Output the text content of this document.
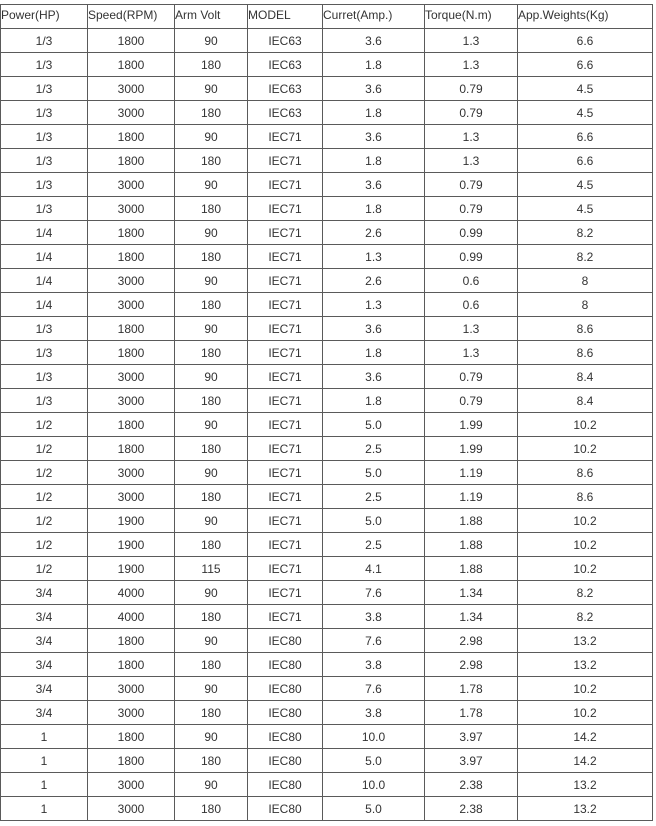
Power(HP)	Speed(RPM)	Arm Volt	MODEL	Curret(Amp.)	Torque(N.m)	App.Weights(Kg)
1/3	1800	90	IEC63	3.6	1.3	6.6
1/3	1800	180	IEC63	1.8	1.3	6.6
1/3	3000	90	IEC63	3.6	0.79	4.5
1/3	3000	180	IEC63	1.8	0.79	4.5
1/3	1800	90	IEC71	3.6	1.3	6.6
1/3	1800	180	IEC71	1.8	1.3	6.6
1/3	3000	90	IEC71	3.6	0.79	4.5
1/3	3000	180	IEC71	1.8	0.79	4.5
1/4	1800	90	IEC71	2.6	0.99	8.2
1/4	1800	180	IEC71	1.3	0.99	8.2
1/4	3000	90	IEC71	2.6	0.6	8
1/4	3000	180	IEC71	1.3	0.6	8
1/3	1800	90	IEC71	3.6	1.3	8.6
1/3	1800	180	IEC71	1.8	1.3	8.6
1/3	3000	90	IEC71	3.6	0.79	8.4
1/3	3000	180	IEC71	1.8	0.79	8.4
1/2	1800	90	IEC71	5.0	1.99	10.2
1/2	1800	180	IEC71	2.5	1.99	10.2
1/2	3000	90	IEC71	5.0	1.19	8.6
1/2	3000	180	IEC71	2.5	1.19	8.6
1/2	1900	90	IEC71	5.0	1.88	10.2
1/2	1900	180	IEC71	2.5	1.88	10.2
1/2	1900	115	IEC71	4.1	1.88	10.2
3/4	4000	90	IEC71	7.6	1.34	8.2
3/4	4000	180	IEC71	3.8	1.34	8.2
3/4	1800	90	IEC80	7.6	2.98	13.2
3/4	1800	180	IEC80	3.8	2.98	13.2
3/4	3000	90	IEC80	7.6	1.78	10.2
3/4	3000	180	IEC80	3.8	1.78	10.2
1	1800	90	IEC80	10.0	3.97	14.2
1	1800	180	IEC80	5.0	3.97	14.2
1	3000	90	IEC80	10.0	2.38	13.2
1	3000	180	IEC80	5.0	2.38	13.2
